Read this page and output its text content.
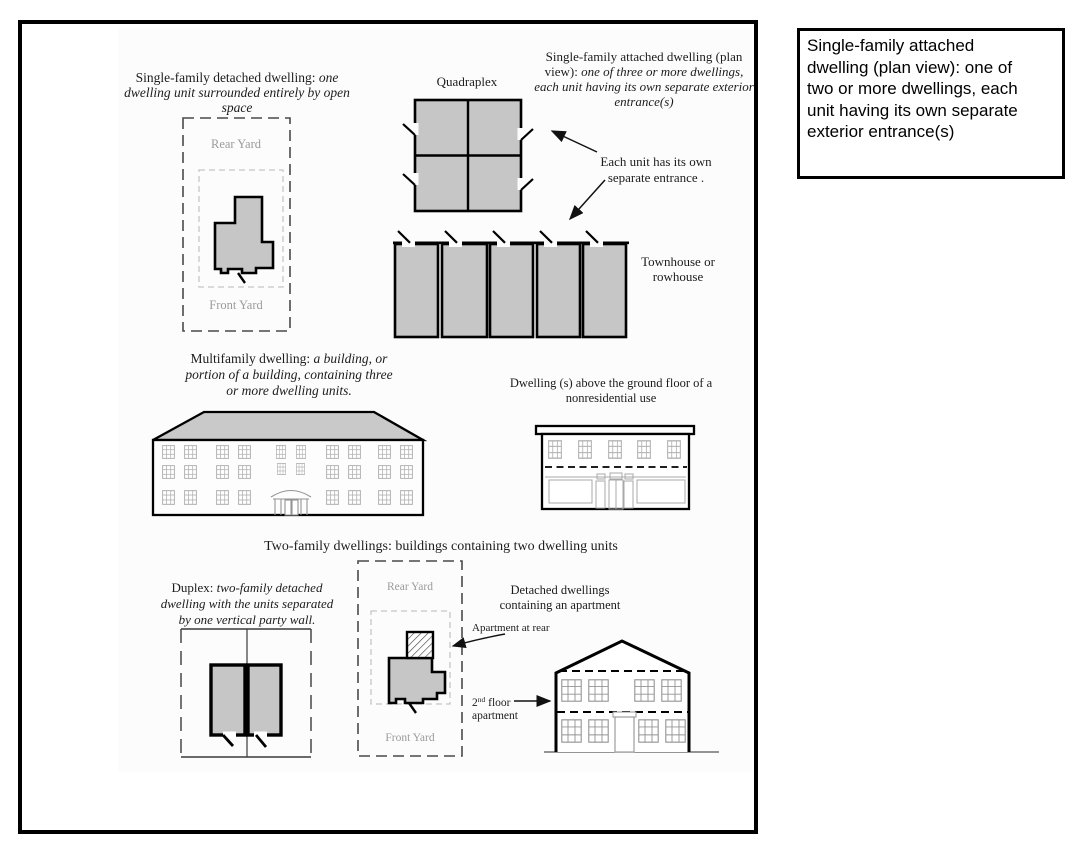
Single-family detached dwelling: one
dwelling unit surrounded entirely by open
space
Rear Yard
Front Yard
Quadraplex
Single-family attached dwelling (plan
view): one of three or more dwellings,
each unit having its own separate exterior
entrance(s)
Each unit has its own
separate entrance .
Townhouse or
rowhouse
Multifamily dwelling: a building, or
portion of a building, containing three
or more dwelling units.	Dwelling (s) above the ground floor of a
nonresidential use
Two-family dwellings: buildings containing two dwelling units
Duplex: two-family detached
dwelling with the units separated
by one vertical party wall.
Rear Yard
Front Yard
Detached dwellings
containing an apartment
Apartment at rear
2nd floor
apartment
Single-family attached
dwelling (plan view): one of
two or more dwellings, each
unit having its own separate
exterior entrance(s)
